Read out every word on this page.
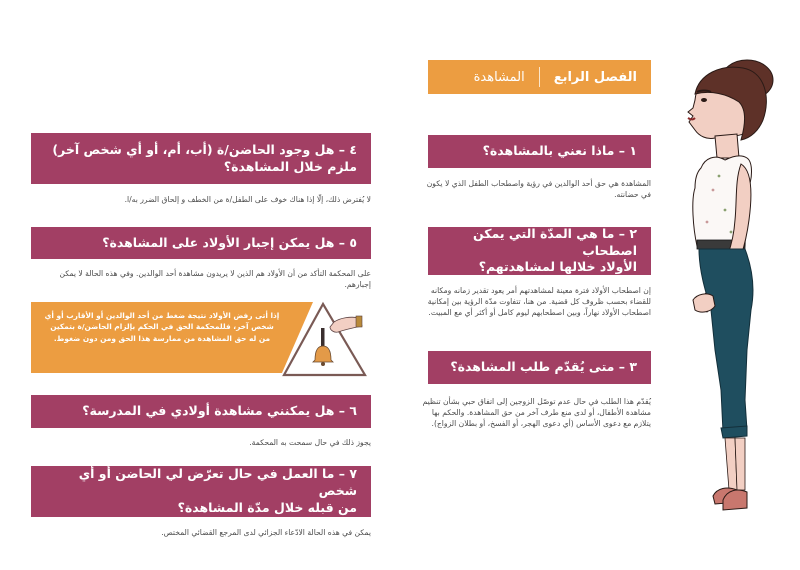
٤ – هل وجود الحاضن/ة (أب، أم، أو أي شخص آخر)
ملزم خلال المشاهدة؟
لا يُفترض ذلك، إلّا إذا هناك خوف على الطفل/ة من الخطف و إلحاق الضرر به/ا.
٥ – هل يمكن إجبار الأولاد على المشاهدة؟
على المحكمة التأكد من أن الأولاد هم الذين لا يريدون مشاهدة أحد الوالدين. وفي هذه الحالة لا يمكن إجبارهم.
إذا أتى رفض الأولاد نتيجة ضغط من أحد الوالدين أو الأقارب أو أي شخص آخر، فللمحكمة الحق في الحكم بإلزام الحاضن/ة بتمكين من له حق المشاهدة من ممارسة هذا الحق ومن دون ضغوط.
٦ – هل يمكنني مشاهدة أولادي في المدرسة؟
يجوز ذلك في حال سمحت به المحكمة.
٧ – ما العمل في حال تعرّض لي الحاضن أو أي شخص
من قبله خلال مدّة المشاهدة؟
يمكن في هذه الحالة الادّعاء الجزائي لدى المرجع القضائي المختص.
الفصل الرابع
المشاهدة
١ – ماذا نعني بالمشاهدة؟
المشاهدة هي حق أحد الوالدين في رؤية واصطحاب الطفل الذي لا يكون في حضانته.
٢ – ما هي المدّة التي يمكن اصطحاب
الأولاد خلالها لمشاهدتهم؟
إن اصطحاب الأولاد فترة معينة لمشاهدتهم أمر يعود تقدير زمانه ومكانه للقضاء بحسب ظروف كل قضية. من هنا، تتفاوت مدّة الرؤية بين إمكانية اصطحاب الأولاد نهاراً، وبين اصطحابهم ليوم كامل أو أكثر أي مع المبيت.
٣ – متى يُقدّم طلب المشاهدة؟
يُقدّم هذا الطلب في حال عدم توصّل الزوجين إلى اتفاق حبي بشأن تنظيم مشاهدة الأطفال، أو لدى منع طرف آخر من حق المشاهدة. والحكم بها يتلازم مع دعوى الأساس (أي دعوى الهجر، أو الفسخ، أو بطلان الزواج).
